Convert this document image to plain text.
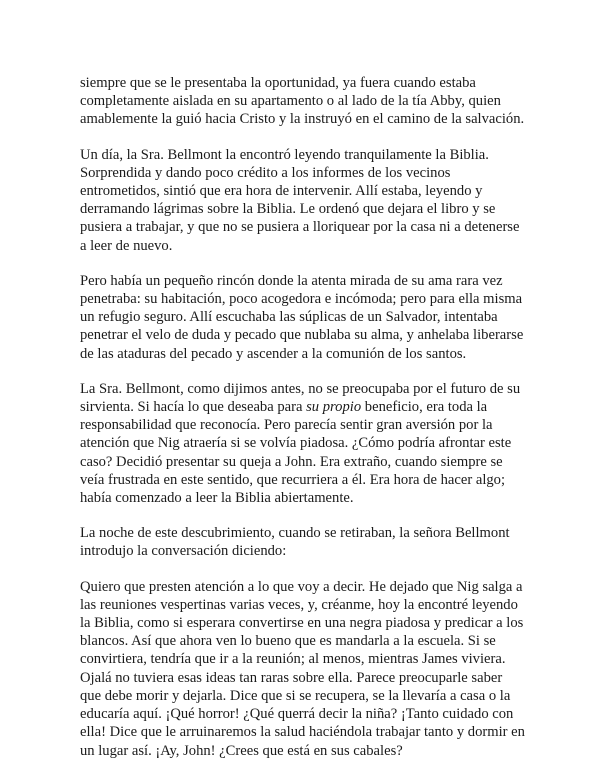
siempre que se le presentaba la oportunidad, ya fuera cuando estaba
completamente aislada en su apartamento o al lado de la tía Abby, quien
amablemente la guió hacia Cristo y la instruyó en el camino de la salvación.

Un día, la Sra. Bellmont la encontró leyendo tranquilamente la Biblia.
Sorprendida y dando poco crédito a los informes de los vecinos
entrometidos, sintió que era hora de intervenir. Allí estaba, leyendo y
derramando lágrimas sobre la Biblia. Le ordenó que dejara el libro y se
pusiera a trabajar, y que no se pusiera a lloriquear por la casa ni a detenerse
a leer de nuevo.

Pero había un pequeño rincón donde la atenta mirada de su ama rara vez
penetraba: su habitación, poco acogedora e incómoda; pero para ella misma
un refugio seguro. Allí escuchaba las súplicas de un Salvador, intentaba
penetrar el velo de duda y pecado que nublaba su alma, y anhelaba liberarse
de las ataduras del pecado y ascender a la comunión de los santos.

La Sra. Bellmont, como dijimos antes, no se preocupaba por el futuro de su
sirvienta. Si hacía lo que deseaba para su propio beneficio, era toda la
responsabilidad que reconocía. Pero parecía sentir gran aversión por la
atención que Nig atraería si se volvía piadosa. ¿Cómo podría afrontar este
caso? Decidió presentar su queja a John. Era extraño, cuando siempre se
veía frustrada en este sentido, que recurriera a él. Era hora de hacer algo;
había comenzado a leer la Biblia abiertamente.

La noche de este descubrimiento, cuando se retiraban, la señora Bellmont
introdujo la conversación diciendo:

Quiero que presten atención a lo que voy a decir. He dejado que Nig salga a
las reuniones vespertinas varias veces, y, créanme, hoy la encontré leyendo
la Biblia, como si esperara convertirse en una negra piadosa y predicar a los
blancos. Así que ahora ven lo bueno que es mandarla a la escuela. Si se
convirtiera, tendría que ir a la reunión; al menos, mientras James viviera.
Ojalá no tuviera esas ideas tan raras sobre ella. Parece preocuparle saber
que debe morir y dejarla. Dice que si se recupera, se la llevaría a casa o la
educaría aquí. ¡Qué horror! ¿Qué querrá decir la niña? ¡Tanto cuidado con
ella! Dice que le arruinaremos la salud haciéndola trabajar tanto y dormir en
un lugar así. ¡Ay, John! ¿Crees que está en sus cabales?
